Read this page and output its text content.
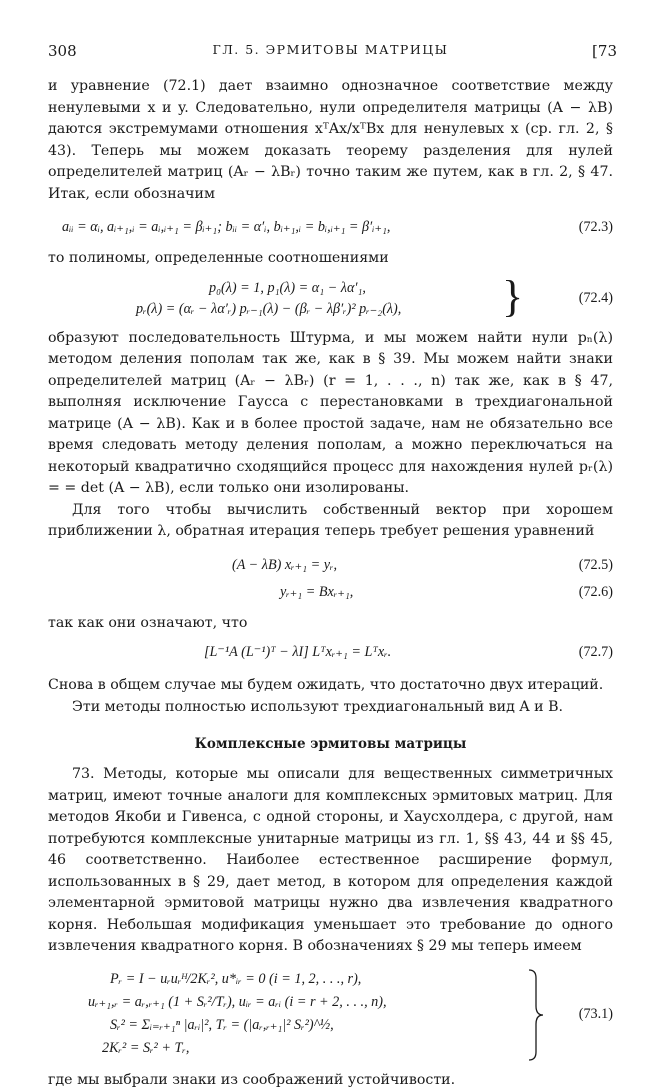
308	ГЛ. 5. ЭРМИТОВЫ МАТРИЦЫ	[73

и уравнение (72.1) дает взаимно однозначное соответствие между ненулевыми x и y. Следовательно, нули определителя матрицы (A − λB) даются экстремумами отношения xᵀAx/xᵀBx для ненулевых x (ср. гл. 2, § 43). Теперь мы можем доказать теорему разделения для нулей определителей матриц (Aᵣ − λBᵣ) точно таким же путем, как в гл. 2, § 47. Итак, если обозначим

aᵢᵢ = αᵢ, aᵢ₊₁,ᵢ = aᵢ,ᵢ₊₁ = βᵢ₊₁; bᵢᵢ = α′ᵢ, bᵢ₊₁,ᵢ = bᵢ,ᵢ₊₁ = β′ᵢ₊₁,	(72.3)

то полиномы, определенные соотношениями

p₀(λ) = 1, p₁(λ) = α₁ − λα′₁,
pᵣ(λ) = (αᵣ − λα′ᵣ) pᵣ₋₁(λ) − (βᵣ − λβ′ᵣ)² pᵣ₋₂(λ), }	(72.4)

образуют последовательность Штурма, и мы можем найти нули pₙ(λ) методом деления пополам так же, как в § 39. Мы можем найти знаки определителей матриц (Aᵣ − λBᵣ) (r = 1, . . ., n) так же, как в § 47, выполняя исключение Гаусса с перестановками в трехдиагональной матрице (A − λB). Как и в более простой задаче, нам не обязательно все время следовать методу деления пополам, а можно переключаться на некоторый квадратично сходящийся процесс для нахождения нулей pᵣ(λ) = = det (A − λB), если только они изолированы.

Для того чтобы вычислить собственный вектор при хорошем приближении λ, обратная итерация теперь требует решения уравнений

(A − λB) xᵣ₊₁ = yᵣ,	(72.5)
yᵣ₊₁ = Bxᵣ₊₁,	(72.6)

так как они означают, что

[L⁻¹A (L⁻¹)ᵀ − λI] Lᵀxᵣ₊₁ = Lᵀxᵣ.	(72.7)

Снова в общем случае мы будем ожидать, что достаточно двух итераций.

Эти методы полностью используют трехдиагональный вид A и B.

Комплексные эрмитовы матрицы

73. Методы, которые мы описали для вещественных симметричных матриц, имеют точные аналоги для комплексных эрмитовых матриц. Для методов Якоби и Гивенса, с одной стороны, и Хаусхолдера, с другой, нам потребуются комплексные унитарные матрицы из гл. 1, §§ 43, 44 и §§ 45, 46 соответственно. Наиболее естественное расширение формул, использованных в § 29, дает метод, в котором для определения каждой элементарной эрмитовой матрицы нужно два извлечения квадратного корня. Небольшая модификация уменьшает это требование до одного извлечения квадратного корня. В обозначениях § 29 мы теперь имеем

Pᵣ = I − uᵣuᵣᴴ/2Kᵣ², u*ᵢᵣ = 0 (i = 1, 2, . . ., r),
uᵣ₊₁,ᵣ = aᵣ,ᵣ₊₁ (1 + Sᵣ²/Tᵣ), uᵢᵣ = aᵣᵢ (i = r + 2, . . ., n),
Sᵣ² = Σᵢ₌ᵣ₊₁ⁿ |aᵣᵢ|², Tᵣ = (|aᵣ,ᵣ₊₁|² Sᵣ²)^½,
2Kᵣ² = Sᵣ² + Tᵣ,
(73.1)

где мы выбрали знаки из соображений устойчивости.
